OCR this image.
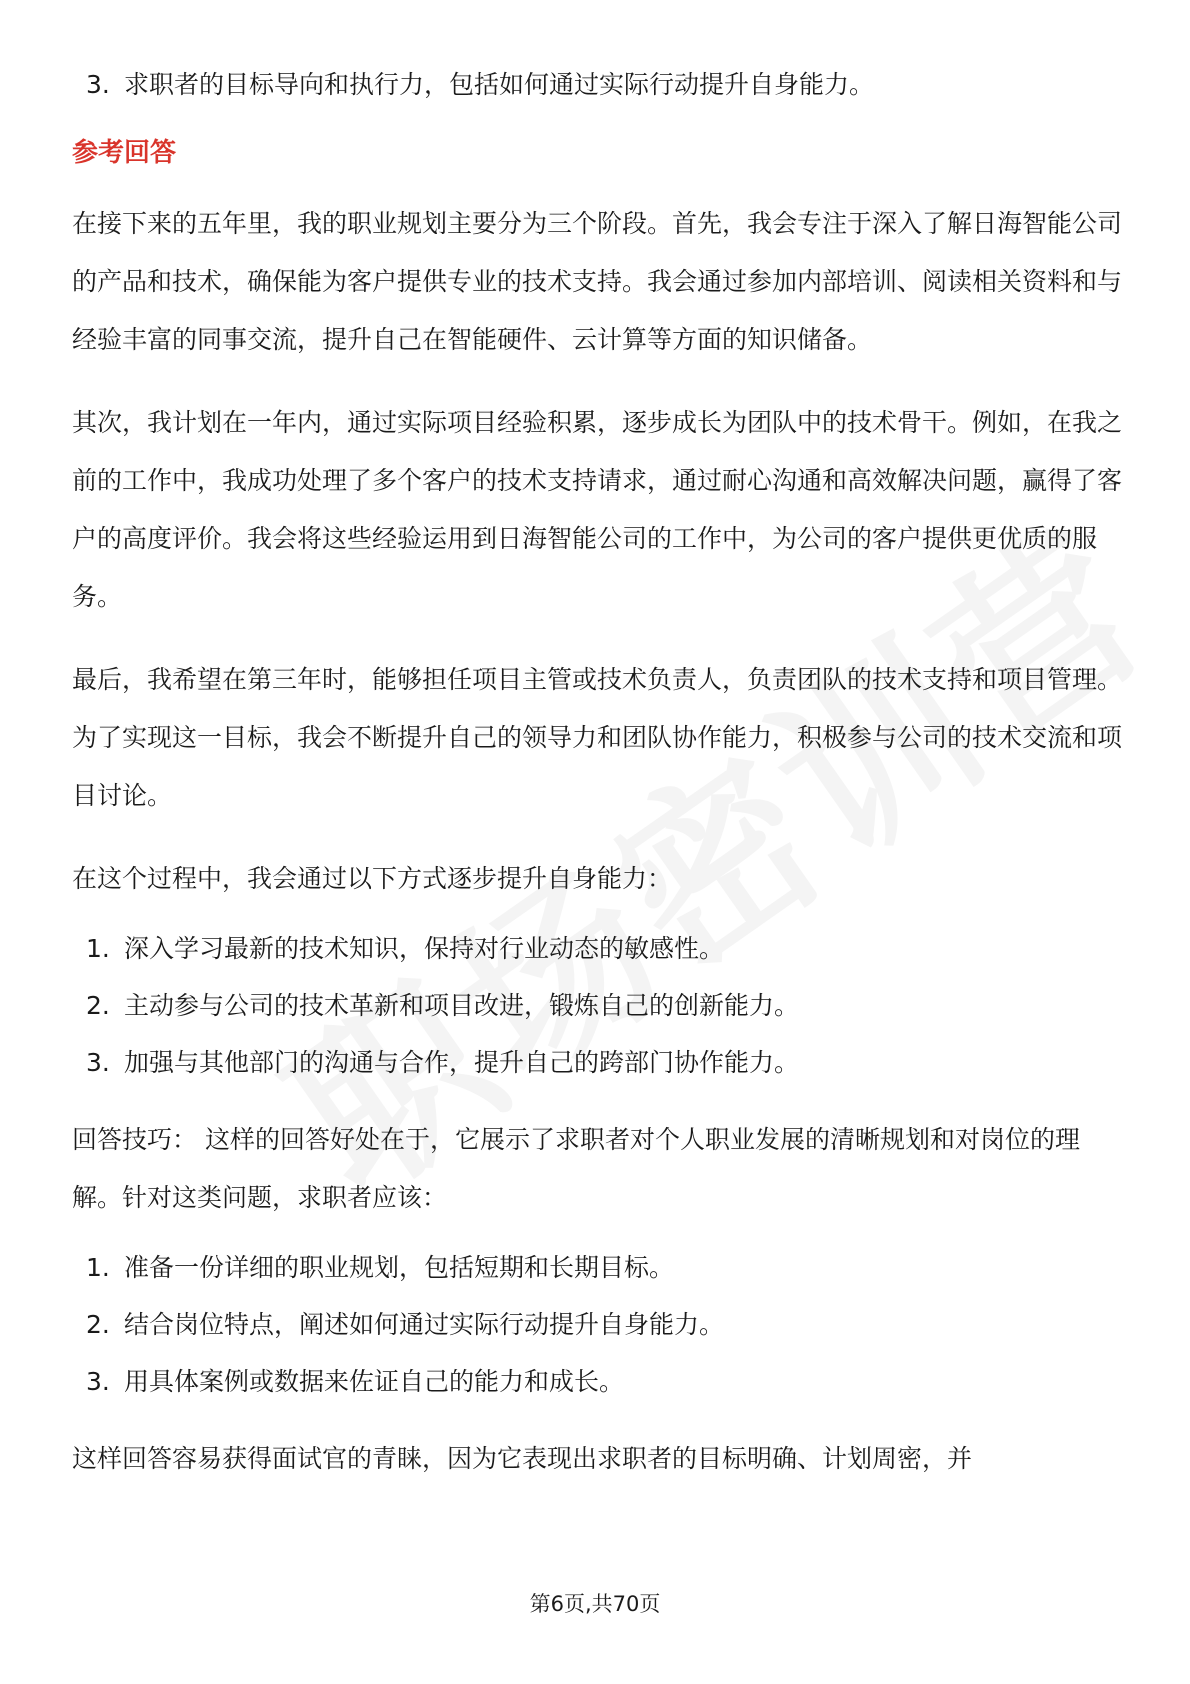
3. 求职者的目标导向和执行力，包括如何通过实际行动提升自身能力。
参考回答

在接下来的五年里，我的职业规划主要分为三个阶段。首先，我会专注于深入了解日海智能公司的产品和技术，确保能为客户提供专业的技术支持。我会通过参加内部培训、阅读相关资料和与经验丰富的同事交流，提升自己在智能硬件、云计算等方面的知识储备。

其次，我计划在一年内，通过实际项目经验积累，逐步成长为团队中的技术骨干。例如，在我之前的工作中，我成功处理了多个客户的技术支持请求，通过耐心沟通和高效解决问题，赢得了客户的高度评价。我会将这些经验运用到日海智能公司的工作中，为公司的客户提供更优质的服务。

最后，我希望在第三年时，能够担任项目主管或技术负责人，负责团队的技术支持和项目管理。为了实现这一目标，我会不断提升自己的领导力和团队协作能力，积极参与公司的技术交流和项目讨论。

在这个过程中，我会通过以下方式逐步提升自身能力：

1. 深入学习最新的技术知识，保持对行业动态的敏感性。
2. 主动参与公司的技术革新和项目改进，锻炼自己的创新能力。
3. 加强与其他部门的沟通与合作，提升自己的跨部门协作能力。

回答技巧： 这样的回答好处在于，它展示了求职者对个人职业发展的清晰规划和对岗位的理解。针对这类问题，求职者应该：

1. 准备一份详细的职业规划，包括短期和长期目标。
2. 结合岗位特点，阐述如何通过实际行动提升自身能力。
3. 用具体案例或数据来佐证自己的能力和成长。

这样回答容易获得面试官的青睐，因为它表现出求职者的目标明确、计划周密，并

第6页,共70页
